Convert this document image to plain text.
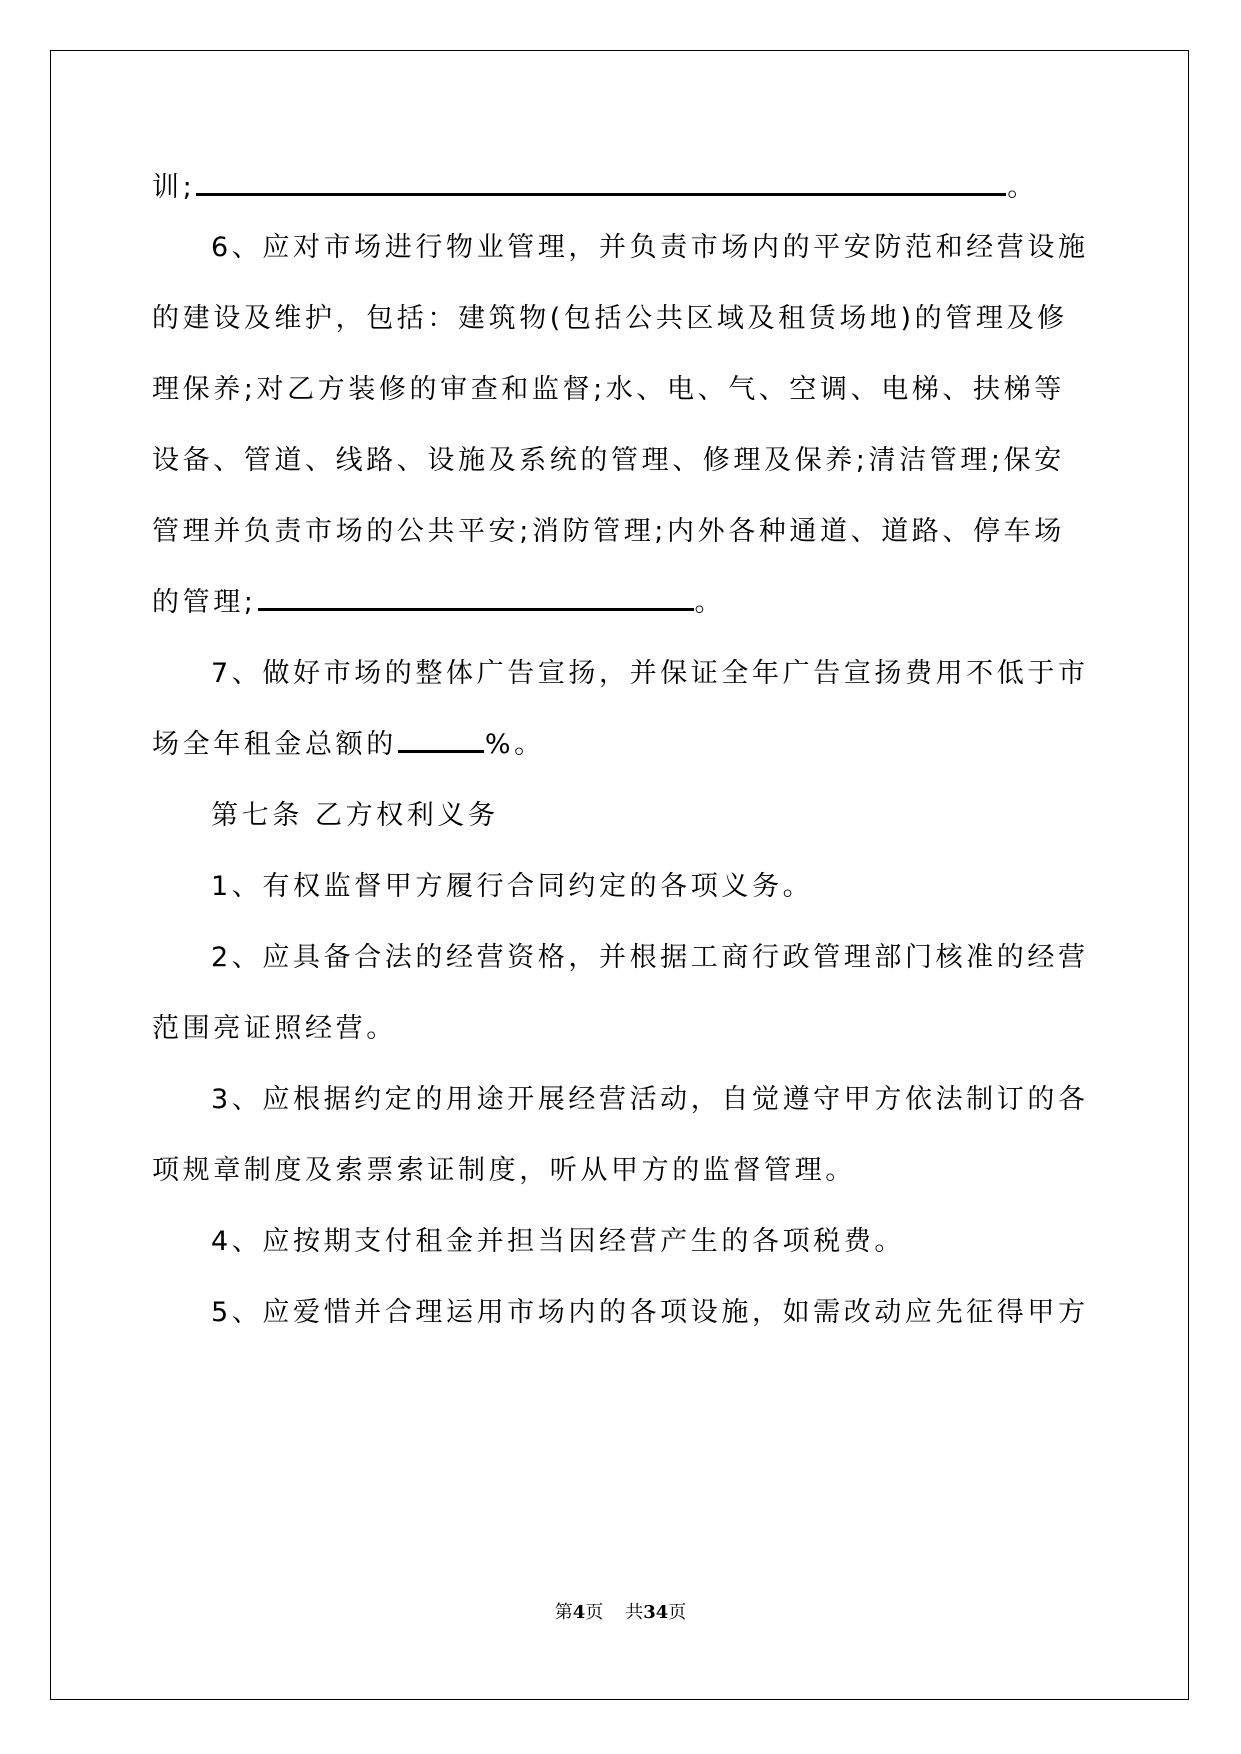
训;	。
6、应对市场进行物业管理，并负责市场内的平安防范和经营设施
的建设及维护，包括：建筑物(包括公共区域及租赁场地)的管理及修
理保养;对乙方装修的审查和监督;水、电、气、空调、电梯、扶梯等
设备、管道、线路、设施及系统的管理、修理及保养;清洁管理;保安
管理并负责市场的公共平安;消防管理;内外各种通道、道路、停车场
的管理;	。
7、做好市场的整体广告宣扬，并保证全年广告宣扬费用不低于市
场全年租金总额的	%。
第七条 乙方权利义务
1、有权监督甲方履行合同约定的各项义务。
2、应具备合法的经营资格，并根据工商行政管理部门核准的经营
范围亮证照经营。
3、应根据约定的用途开展经营活动，自觉遵守甲方依法制订的各
项规章制度及索票索证制度，听从甲方的监督管理。
4、应按期支付租金并担当因经营产生的各项税费。
5、应爱惜并合理运用市场内的各项设施，如需改动应先征得甲方
第4页 共34页
